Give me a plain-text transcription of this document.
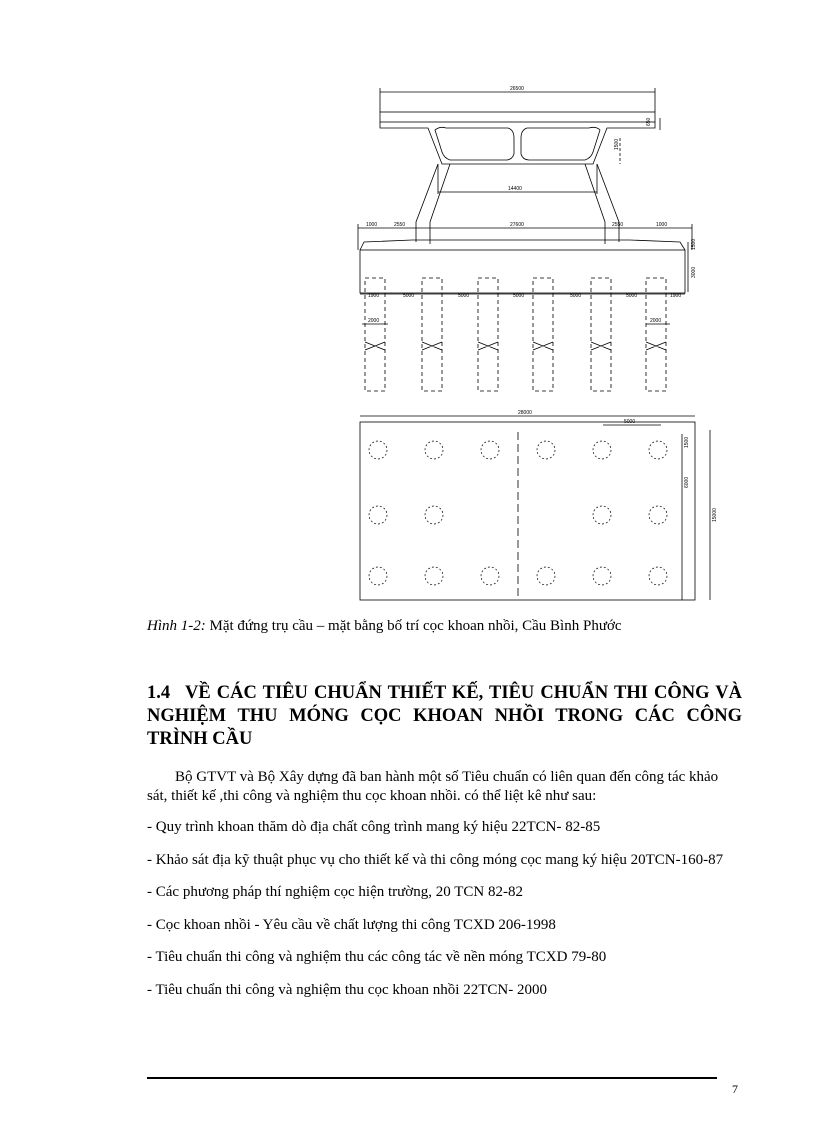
26500
650
1500
14400
27600
1000	2550	2550	1000
1500
3000
1900	5000	5000	5000	5000	5000	1900
2000	2000
28000
5000
1500
6000
15000
Hình 1-2: Mặt đứng trụ cầu – mặt bằng bố trí cọc khoan nhồi, Cầu Bình Phước
1.4 VỀ CÁC TIÊU CHUẨN THIẾT KẾ, TIÊU CHUẨN THI CÔNG VÀ NGHIỆM THU MÓNG CỌC KHOAN NHỒI TRONG CÁC CÔNG TRÌNH CẦU

Bộ GTVT và Bộ Xây dựng đã ban hành một số Tiêu chuẩn có liên quan đến công tác khảo sát, thiết kế ,thi công và nghiệm thu cọc khoan nhồi. có thể liệt kê như sau:

- Quy trình khoan thăm dò địa chất công trình mang ký hiệu 22TCN- 82-85
- Khảo sát địa kỹ thuật phục vụ cho thiết kế và thi công móng cọc mang ký hiệu 20TCN-160-87
- Các phương pháp thí nghiệm cọc hiện trường, 20 TCN 82-82
- Cọc khoan nhồi - Yêu cầu về chất lượng thi công TCXD 206-1998
- Tiêu chuẩn thi công và nghiệm thu các công tác về nền móng TCXD 79-80
- Tiêu chuẩn thi công và nghiệm thu cọc khoan nhồi 22TCN- 2000
7
